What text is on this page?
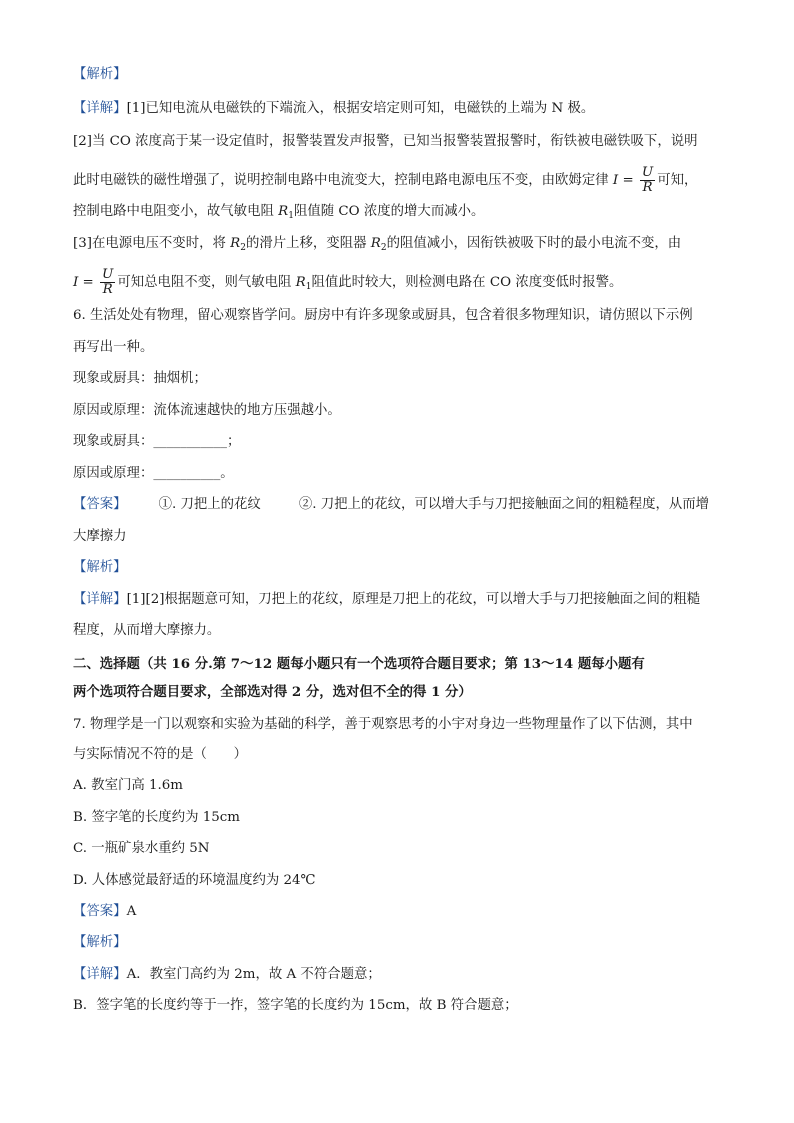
【解析】
【详解】[1]已知电流从电磁铁的下端流入，根据安培定则可知，电磁铁的上端为 N 极。
[2]当 CO 浓度高于某一设定值时，报警装置发声报警，已知当报警装置报警时，衔铁被电磁铁吸下，说明
此时电磁铁的磁性增强了，说明控制电路中电流变大，控制电路电源电压不变，由欧姆定律 $I = \frac{U}{R}$ 可知，
控制电路中电阻变小，故气敏电阻 $R_1$阻值随 CO 浓度的增大而减小。
[3]在电源电压不变时，将 $R_2$的滑片上移，变阻器 $R_2$的阻值减小，因衔铁被吸下时的最小电流不变，由
$I = \frac{U}{R}$ 可知总电阻不变，则气敏电阻 $R_1$阻值此时较大，则检测电路在 CO 浓度变低时报警。
6. 生活处处有物理，留心观察皆学问。厨房中有许多现象或厨具，包含着很多物理知识，请仿照以下示例
再写出一种。
现象或厨具：抽烟机；
原因或原理：流体流速越快的地方压强越小。
现象或厨具：___________；
原因或原理：__________。
【答案】 ①. 刀把上的花纹	②. 刀把上的花纹，可以增大手与刀把接触面之间的粗糙程度，从而增
大摩擦力
【解析】
【详解】[1][2]根据题意可知，刀把上的花纹，原理是刀把上的花纹，可以增大手与刀把接触面之间的粗糙
程度，从而增大摩擦力。
二、选择题（共 16 分.第 7～12 题每小题只有一个选项符合题目要求；第 13～14 题每小题有
两个选项符合题目要求，全部选对得 2 分，选对但不全的得 1 分）
7. 物理学是一门以观察和实验为基础的科学，善于观察思考的小宇对身边一些物理量作了以下估测，其中
与实际情况不符的是（　　）
A. 教室门高 1.6m
B. 签字笔的长度约为 15cm
C. 一瓶矿泉水重约 5N
D. 人体感觉最舒适的环境温度约为 24℃
【答案】A
【解析】
【详解】A．教室门高约为 2m，故 A 不符合题意；
B．签字笔的长度约等于一拃，签字笔的长度约为 15cm，故 B 符合题意；
